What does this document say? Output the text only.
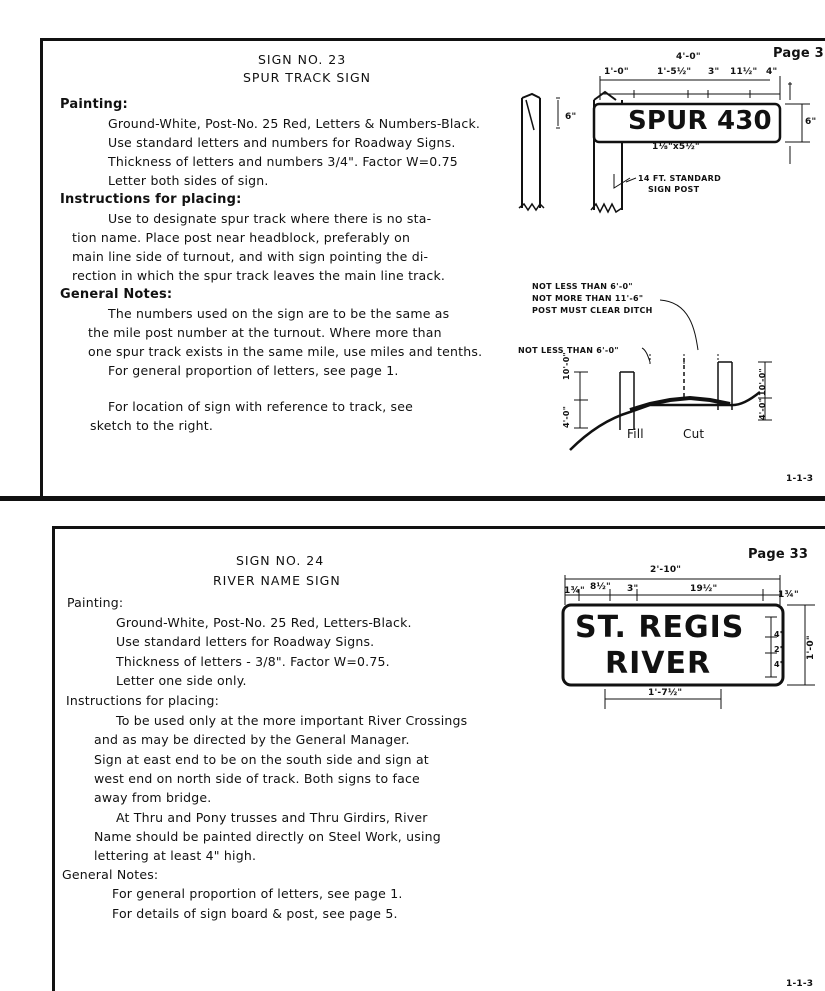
SIGN NO. 23
SPUR TRACK SIGN
Page 3
Painting:
Ground-White, Post-No. 25 Red, Letters & Numbers-Black.
Use standard letters and numbers for Roadway Signs.
Thickness of letters and numbers 3/4". Factor W=0.75
Letter both sides of sign.
Instructions for placing:
Use to designate spur track where there is no sta-
tion name. Place post near headblock, preferably on
main line side of turnout, and with sign pointing the di-
rection in which the spur track leaves the main line track.
General Notes:
The numbers used on the sign are to be the same as
the mile post number at the turnout. Where more than
one spur track exists in the same mile, use miles and tenths.
For general proportion of letters, see page 1.
For location of sign with reference to track, see
sketch to the right.
SPUR 430
4'-0"
1'-0"	1'-5½" 3" 11½" 4"
6"
6"
1⅛"x5½"
14 FT. STANDARD
SIGN POST
NOT LESS THAN 6'-0"
NOT MORE THAN 11'-6"
POST MUST CLEAR DITCH
NOT LESS THAN 6'-0"
Fill	Cut
10'-0"
4'-0"
10'-0"
4'-0"
1-1-3
SIGN NO. 24
RIVER NAME SIGN
Page 33
Painting:
Ground-White, Post-No. 25 Red, Letters-Black.
Use standard letters for Roadway Signs.
Thickness of letters - 3/8". Factor W=0.75.
Letter one side only.
Instructions for placing:
To be used only at the more important River Crossings
and as may be directed by the General Manager.
Sign at east end to be on the south side and sign at
west end on north side of track. Both signs to face
away from bridge.
At Thru and Pony trusses and Thru Girdirs, River
Name should be painted directly on Steel Work, using
lettering at least 4" high.
General Notes:
For general proportion of letters, see page 1.
For details of sign board & post, see page 5.
ST. REGIS
RIVER
2'-10"
1¾" 8½" 3"	19½"
1¾"
1'-0"
4"
2"
4"
1'-7½"
1-1-3
